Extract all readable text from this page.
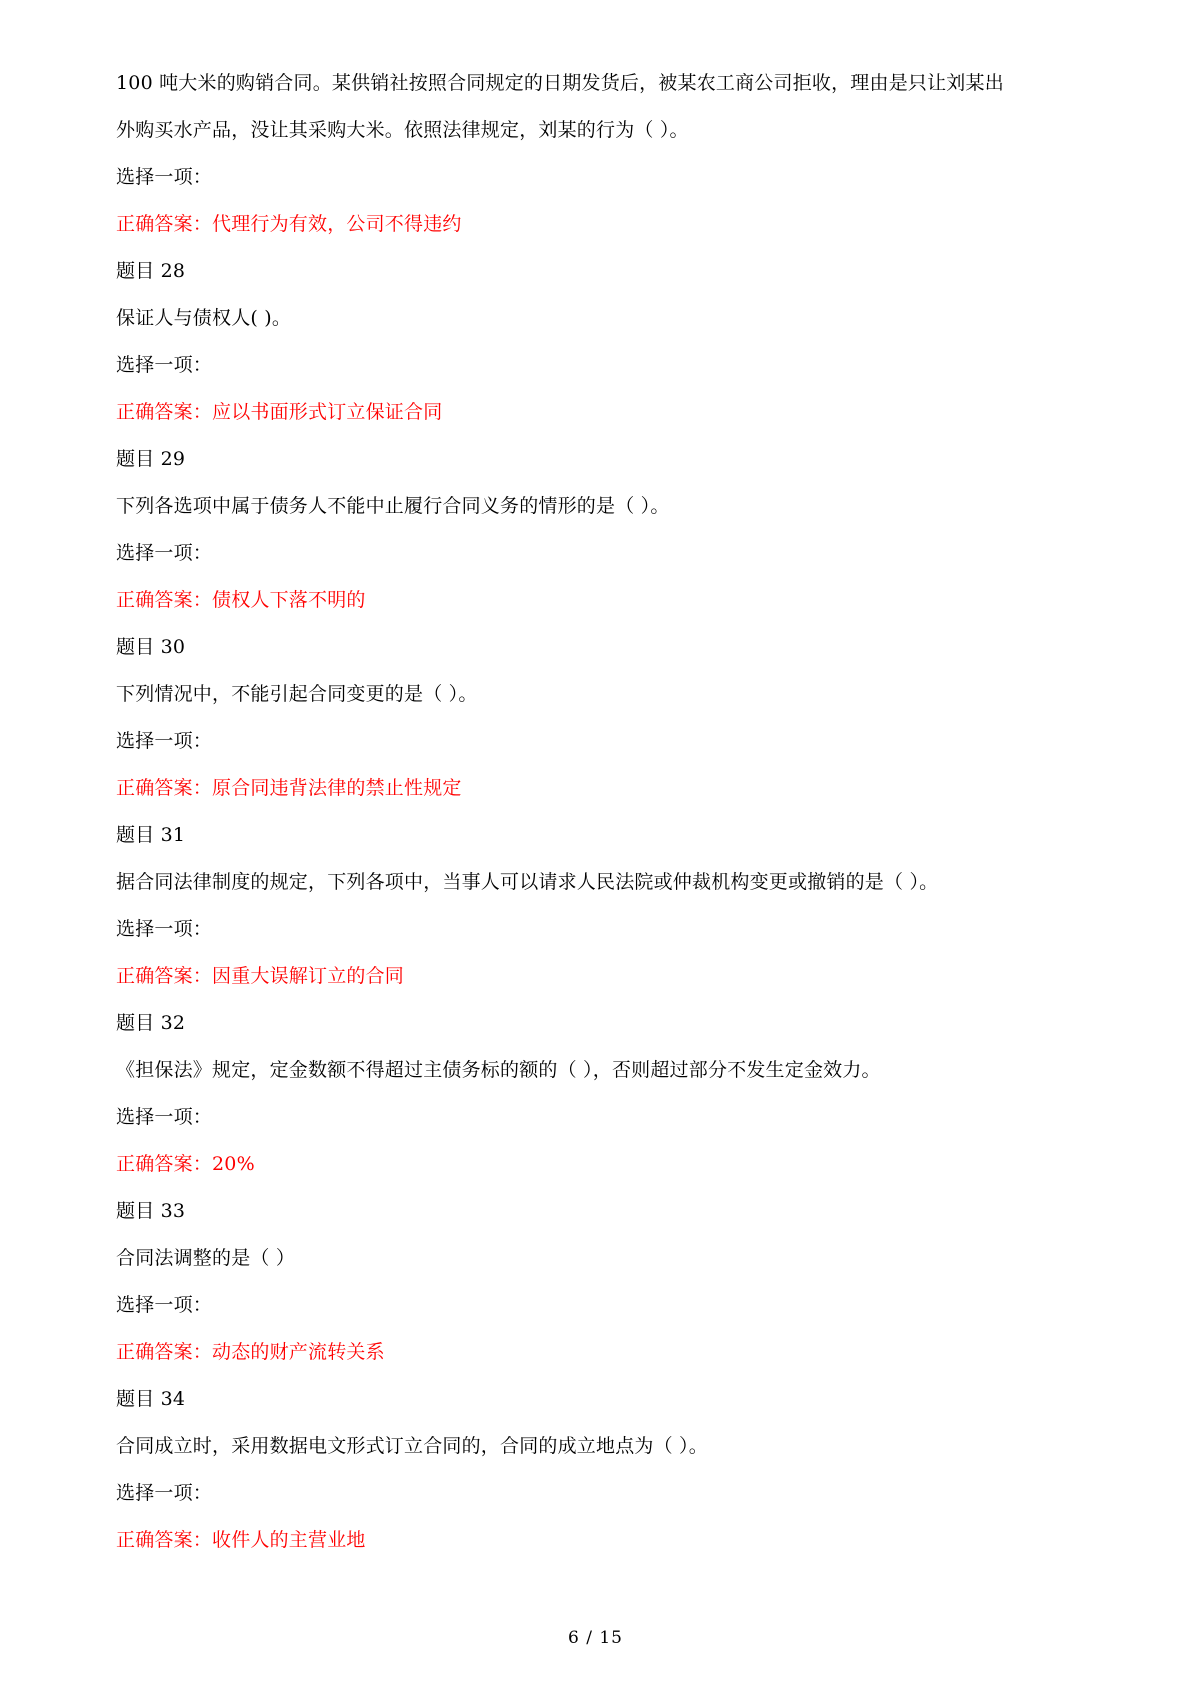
100 吨大米的购销合同。某供销社按照合同规定的日期发货后，被某农工商公司拒收，理由是只让刘某出
外购买水产品，没让其采购大米。依照法律规定，刘某的行为（ ）。
选择一项：
正确答案：代理行为有效，公司不得违约
题目 28
保证人与债权人( )。
选择一项：
正确答案：应以书面形式订立保证合同
题目 29
下列各选项中属于债务人不能中止履行合同义务的情形的是（ ）。
选择一项：
正确答案：债权人下落不明的
题目 30
下列情况中，不能引起合同变更的是（ ）。
选择一项：
正确答案：原合同违背法律的禁止性规定
题目 31
据合同法律制度的规定，下列各项中，当事人可以请求人民法院或仲裁机构变更或撤销的是（ ）。
选择一项：
正确答案：因重大误解订立的合同
题目 32
《担保法》规定，定金数额不得超过主债务标的额的（ ），否则超过部分不发生定金效力。
选择一项：
正确答案：20%
题目 33
合同法调整的是（ ）
选择一项：
正确答案：动态的财产流转关系
题目 34
合同成立时，采用数据电文形式订立合同的，合同的成立地点为（ ）。
选择一项：
正确答案：收件人的主营业地
6 / 15
